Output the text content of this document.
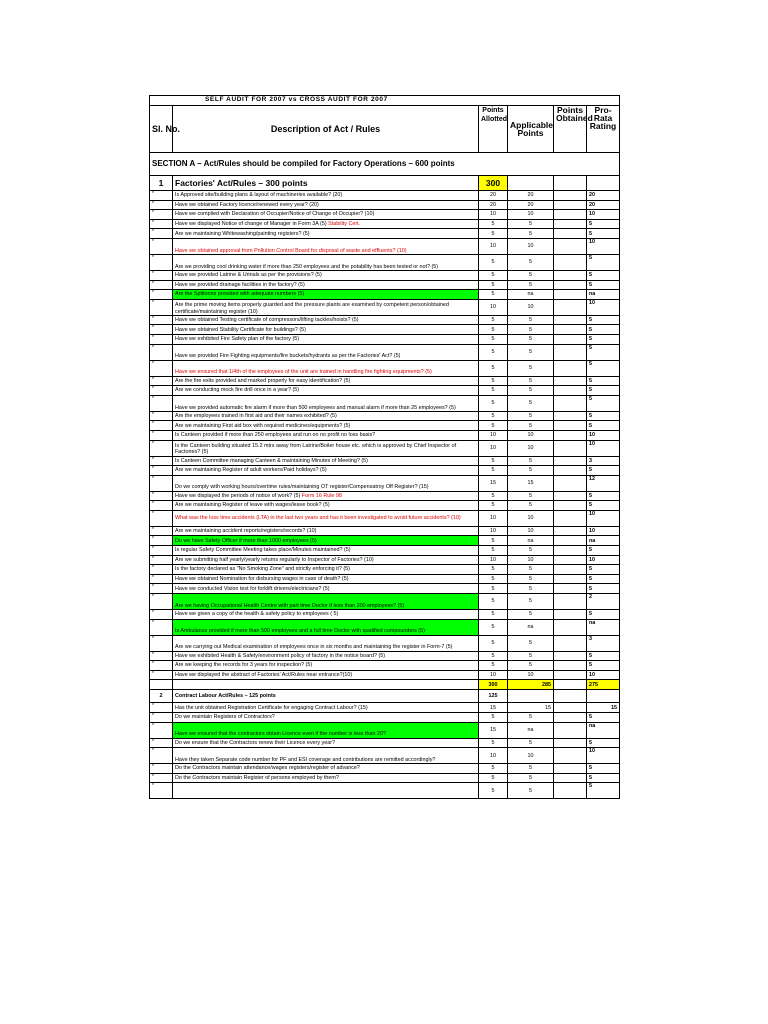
SELF AUDIT FOR 2007 vs CROSS AUDIT FOR 2007					
Sl. No.	Description of Act / Rules	Points Allotted	Applicable Points	Points Obtained	Pro-Rata Rating
SECTION A – Act/Rules should be compiled for Factory Operations – 600 points					
1	Factories' Act/Rules – 300 points	300			
*	Is Approved site/building plans & layout of machineries available? (20)	20	20		20
*	Have we obtained Factory licence/renewed every year? (20)	20	20		20
*	Have we complied with Declaration of Occupier/Notice of Change of Occupier? (10)	10	10		10
*	Have we displayed Notice of change of Manager in Form 3A (5) Stability Cert.	5	5		5
*	Are we maintaining Whitewashing/painting registers? (5)	5	5		5
*	Have we obtained approval from Pollution Control Board for disposal of waste and effluents? (10)	10	10		10
*	Are we providing cool drinking water if more than 250 employees and the potability has been tested or not? (5)	5	5		5
*	Have we provided Latrine & Urinals as per the provisions? (5)	5	5		5
*	Have we provided drainage facilities in the factory? (5)	5	5		5
*	Are the Spittoons provided with adequate numbers (5)	5	na		na
*	Are the prime moving items properly guarded and the pressure plants are examined by competent person/obtained certificate/maintaining register (10)	10	10		10
*	Have we obtained Testing certificate of compressors/lifting tackles/hoists? (5)	5	5		5
*	Have we obtained Stability Certificate for buildings? (5)	5	5		5
*	Have we exhibited Fire Safety plan of the factory (5)	5	5		5
*	Have we provided Fire Fighting equipments/fire buckets/hydrants as per the Factories' Act? (5)	5	5		5
*	Have we ensured that 1/4th of the employees of the unit are trained in handling fire fighting equipments? (5)	5	5		5
*	Are the fire exits provided and marked properly for easy identification? (5)	5	5		5
*	Are we conducting mock fire drill once in a year? (5)	5	5		5
*	Have we provided automatic fire alarm if more than 500 employees and manual alarm if more than 25 employees? (5)	5	5		5
*	Are the employees trained in first aid and their names exhibited? (5)	5	5		5
*	Are we maintaining First aid box with required medicines/equipments? (5)	5	5		5
*	Is Canteen provided if more than 250 employees and run on no profit no loss basis?	10	10		10
*	Is the Canteen building situated 15.2 mtrs away from Latrine/Boiler house etc. which is approved by Chief Inspector of Factories? (5)	10	10		10
*	Is Canteen Committee managing Canteen & maintaining Minutes of Meeting? (5)	5	5		3
*	Are we maintaining Register of adult workers/Paid holidays? (5)	5	5		5
*	Do we comply with working hours/overtime rules/maintaining OT register/Compensatroy Off Register? (15)	15	15		12
*	Have we displayed the periods of notice of work? (5) Form 16 Rule 98	5	5		5
*	Are we maintaining Register of leave with wages/leave book? (5)	5	5		5
*	What was the loss time accidents (LTA) in the last two years and has it been investigated to avoid future accidents? (10)	10	10		10
*	Are we maintaining accident reports/registers/records? (10)	10	10		10
*	Do we have Safety Officer if more than 1000 employees (5)	5	na		na
*	Is regular Safety Committee Meeting takes place/Minutes maintained? (5)	5	5		5
*	Are we submitting half yearly/yearly returns regularly to Inspector of Factories? (10)	10	10		10
*	Is the factory declared as "No Smoking Zone" and strictly enforcing it? (5)	5	5		5
*	Have we obtained Nomination for disbursing wages in case of death? (5)	5	5		5
*	Have we conducted Vision test for forklift drivers/electricians? (5)	5	5		5
*	Are we having Occupational Health Centre with part time Doctor if less than 200 employees? (5)	5	5		2
*	Have we given a copy of the health & safety policy to employees ( 5)	5	5		5
*	Is Ambulance provided if more than 500 employees and a full time Doctor with qualified compounders (5)	5	na		na
*	Are we carrying out Medical examination of employees once in six months and maintaining the register in Form-7 (5)	5	5		3
*	Have we exhibited Health & Safety/environment policy of factory in the notice board? (5)	5	5		5
*	Are we keeping the records for 3 years for inspection? (5)	5	5		5
*	Have we displayed the abstract of Factories' Act/Rules near entrance?(10)	10	10		10
		300	285		275
2	Contract Labour Act/Rules – 125 points	125			
*	Has the unit obtained Registration Certificate for engaging Contract Labour? (15)	15	15		15
*	Do we maintain Registers of Contractors?	5	5		5
*	Have we ensured that the contractors obtain Licence even if the number is less than 20?	15	na		na
*	Do we ensure that the Contractors renew their Licence every year?	5	5		5
*	Have they taken Separate code number for PF and ESI coverage and contributions are remitted accordingly?	10	10		10
*	Do the Contractors maintain attendance/wages registers/register of advance?	5	5		5
*	Do the Contractors maintain Register of persons employed by them?	5	5		5
*		5	5		5
